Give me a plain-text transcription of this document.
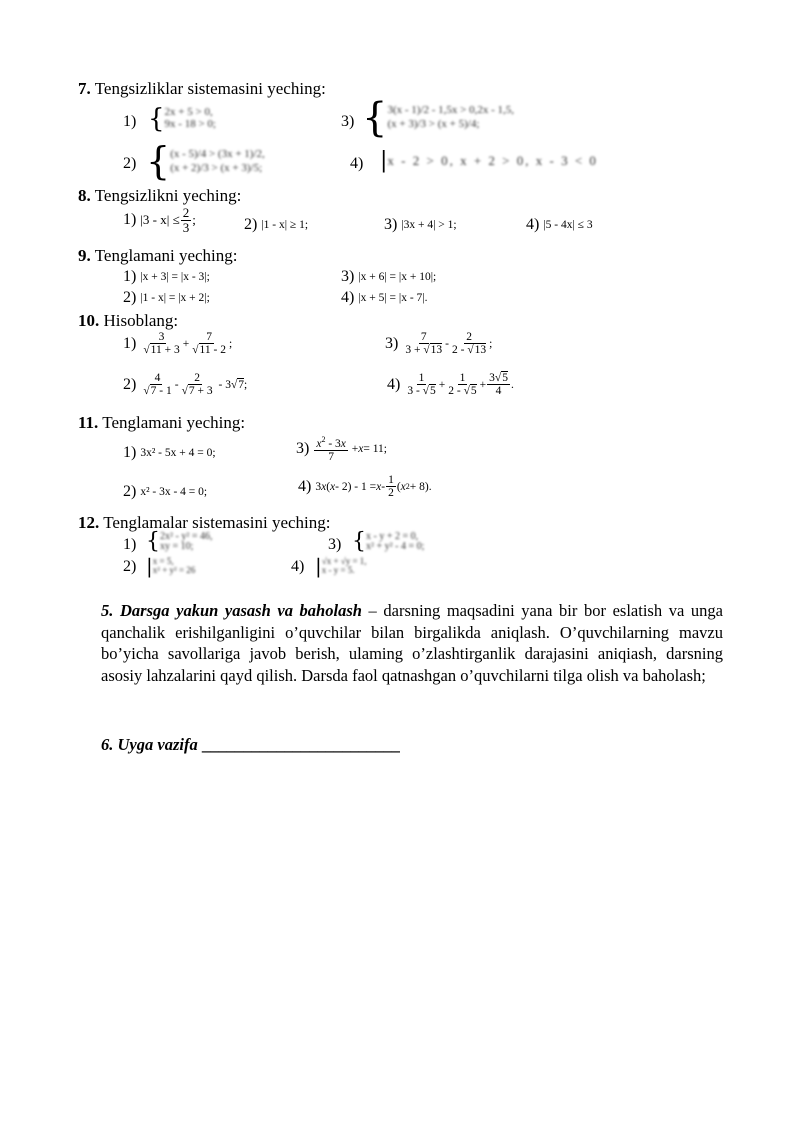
7. Tengsizliklar sistemasini yeching:
1) { 2x + 5 > 0,
9x - 18 > 0;	3) { 3(x - 1)/2 - 1,5x > 0,2x - 1,5,
(x + 3)/3 > (x + 5)/4;
2) { (x - 5)/4 > (3x + 1)/2,
(x + 2)/3 > (x + 3)/5;	4) | x - 2 > 0, x + 2 > 0, x - 3 < 0
8. Tengsizlikni yeching:
1)
$|3 - x| \le \frac{2}{3}$ ;	2)
|1 - x| ≥ 1;	3)
|3x + 4| > 1;	4)
|5 - 4x| ≤ 3
9. Tenglamani yeching:
1)
|x + 3| = |x - 3|;	3)
|x + 6| = |x + 10|;
2)
|1 - x| = |x + 2|;	4)
|x + 5| = |x - 7|.
10. Hisoblang:
1)
$\frac{3}{√11 + 3} + \frac{7}{√11 - 2}$ ;	3)
$\frac{7}{3 + √13} - \frac{2}{2 - √13}$ ;
2)
$\frac{4}{√7 - 1} - \frac{2}{√7 + 3} - 3√$ 7 ;	4)
$\frac{1}{3 - √5} + \frac{1}{2 - √5} + \frac{3√5}{4}$ .
11. Tenglamani yeching:
1)
3x² - 5x + 4 = 0;	3)
$\frac{x^2 - 3x}{7} + x = 11$;
2)
x² - 3x - 4 = 0;	4)
3 x ( $x - 2) - 1 = x - \frac{1}{2}$ ( x 2 + 8).
12. Tenglamalar sistemasini yeching:
1) { 2x² - y² = 46,
xy = 10;	3) { x - y + 2 = 0,
x² + y² - 4 = 0;
2) | x = 5,
x² + y² = 26	4) | √x + √y = 1,
x - y = 5.
5. Darsga yakun yasash va baholash – darsning maqsadini yana bir bor eslatish va unga qanchalik erishilganligini o’quvchilar bilan birgalikda aniqlash. O’quvchilarning mavzu bo’yicha savollariga javob berish, ulaming o’zlashtirganlik darajasini aniqiash, darsning asosiy lahzalarini qayd qilish. Darsda faol qatnashgan o’quvchilarni tilga olish va baholash;
6. Uyga vazifa ________________________
